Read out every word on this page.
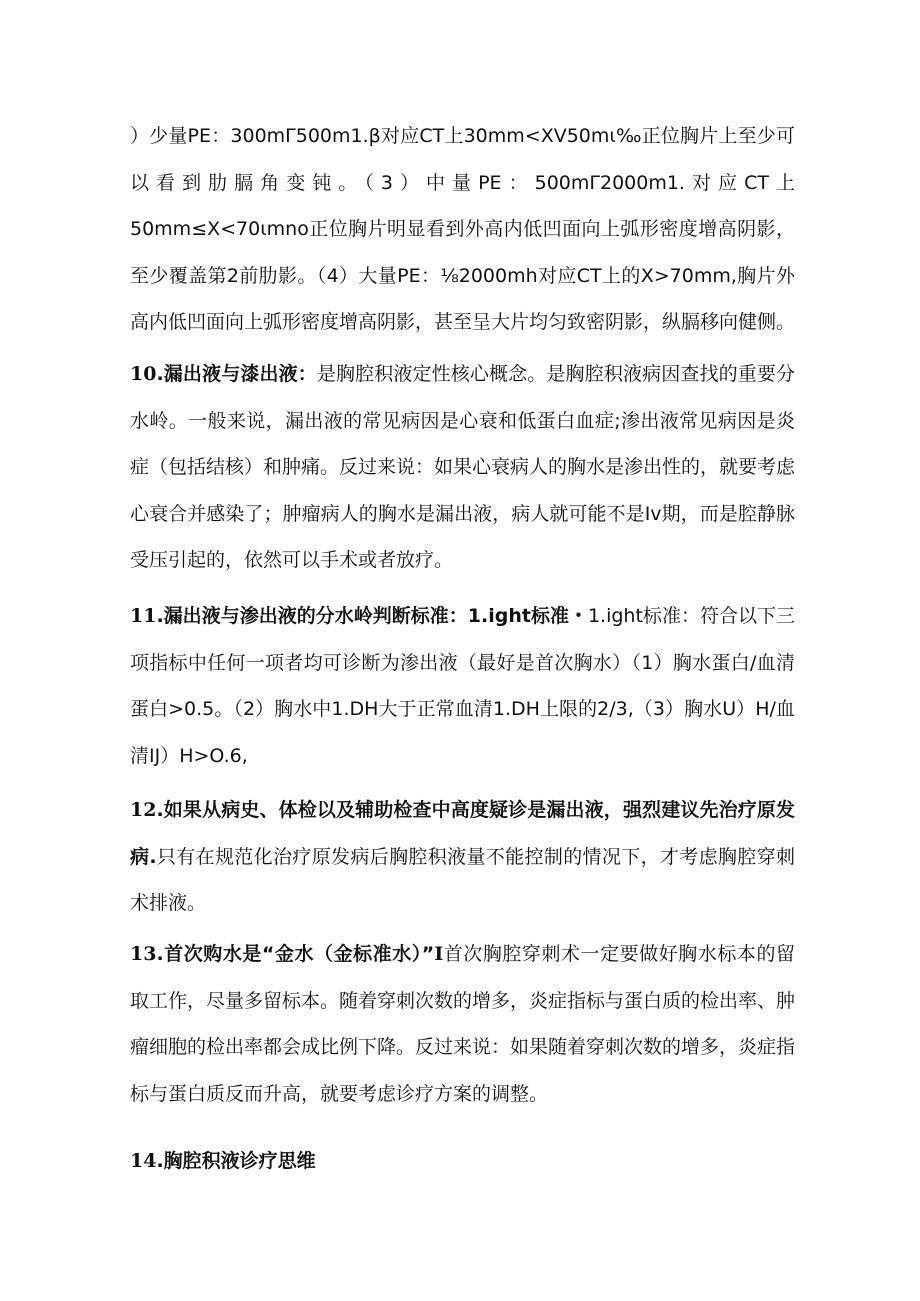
）少量PE：300mΓ500m1.β对应CT上30mm<XV50mι‰正位胸片上至少可以看到肋膈角变钝。（3）中量PE：500mΓ2000m1.对应CT上50mm≤X<70ιmno正位胸片明显看到外高内低凹面向上弧形密度增高阴影，至少覆盖第2前肋影。（4）大量PE：⅛2000mh对应CT上的X>70mm,胸片外高内低凹面向上弧形密度增高阴影，甚至呈大片均匀致密阴影，纵膈移向健侧。

10.漏出液与漆出液：是胸腔积液定性核心概念。是胸腔积液病因查找的重要分水岭。一般来说，漏出液的常见病因是心衰和低蛋白血症;渗出液常见病因是炎症（包括结核）和肿痛。反过来说：如果心衰病人的胸水是渗出性的，就要考虑心衰合并感染了；肿瘤病人的胸水是漏出液，病人就可能不是Iv期，而是腔静脉受压引起的，依然可以手术或者放疗。

11.漏出液与渗出液的分水岭判断标准：1.ight标准・1.ight标准：符合以下三项指标中任何一项者均可诊断为渗出液（最好是首次胸水）（1）胸水蛋白/血清蛋白>0.5。（2）胸水中1.DH大于正常血清1.DH上限的2/3,（3）胸水U）H/血清IJ）H>O.6,

12.如果从病史、体检以及辅助检查中高度疑诊是漏出液，强烈建议先治疗原发病.只有在规范化治疗原发病后胸腔积液量不能控制的情况下，才考虑胸腔穿刺术排液。

13.首次购水是“金水（金标准水）”I首次胸腔穿刺术一定要做好胸水标本的留取工作，尽量多留标本。随着穿刺次数的增多，炎症指标与蛋白质的检出率、肿瘤细胞的检出率都会成比例下降。反过来说：如果随着穿刺次数的增多，炎症指标与蛋白质反而升高，就要考虑诊疗方案的调整。

14.胸腔积液诊疗思维
